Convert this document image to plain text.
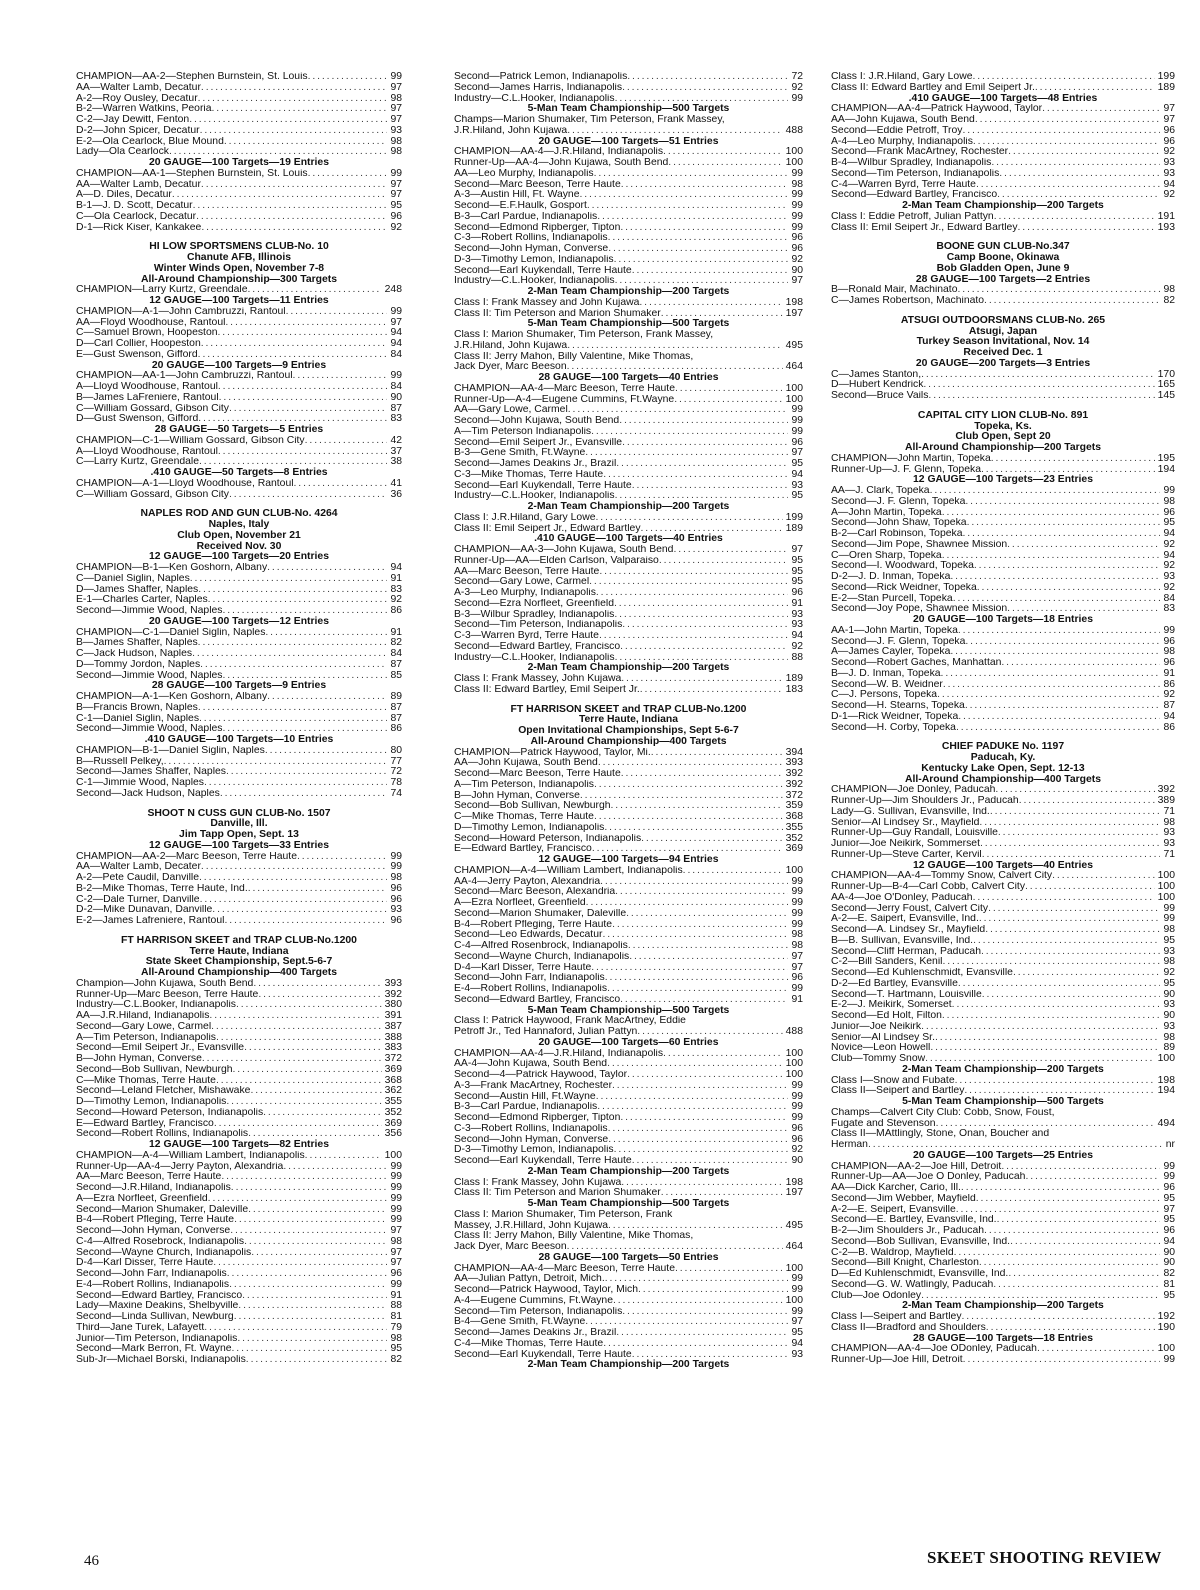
CHAMPION—AA-2—Stephen Burnstein, St. Louis . . .	99
AA—Walter Lamb, Decatur . . .	97
A-2—Roy Ousley, Decatur . . .	98
B-2—Warren Watkins, Peoria . . .	97
C-2—Jay Dewitt, Fenton . . .	97
D-2—John Spicer, Decatur . . .	93
E-2—Ola Cearlock, Blue Mound . . .	98
Lady—Ola Cearlock . . .	98
20 GAUGE—100 Targets—19 Entries
CHAMPION—AA-1—Stephen Burnstein, St. Louis . . .	99
AA—Walter Lamb, Decatur . . .	97
A—D. Diles, Decatur . . .	97
B-1—J. D. Scott, Decatur . . .	95
C—Ola Cearlock, Decatur . . .	96
D-1—Rick Kiser, Kankakee . . .	92
HI LOW SPORTSMENS CLUB-No. 10
Chanute AFB, Illinois
Winter Winds Open, November 7-8
All-Around Championship—300 Targets
CHAMPION—Larry Kurtz, Greendale . . .	248
12 GAUGE—100 Targets—11 Entries
CHAMPION—A-1—John Cambruzzi, Rantoul . . .	99
AA—Floyd Woodhouse, Rantoul . . .	97
C—Samuel Brown, Hoopeston . . .	94
D—Carl Collier, Hoopeston . . .	94
E—Gust Swenson, Gifford . . .	84
20 GAUGE—100 Targets—9 Entries
CHAMPION—AA-1—John Cambruzzi, Rantoul . . .	99
A—Lloyd Woodhouse, Rantoul . . .	84
B—James LaFreniere, Rantoul . . .	90
C—William Gossard, Gibson City . . .	87
D—Gust Swenson, Gifford . . .	83
28 GAUGE—50 Targets—5 Entries
CHAMPION—C-1—William Gossard, Gibson City . . .	42
A—Lloyd Woodhouse, Rantoul . . .	37
C—Larry Kurtz, Greendale . . .	38
.410 GAUGE—50 Targets—8 Entries
CHAMPION—A-1—Lloyd Woodhouse, Rantoul . . .	41
C—William Gossard, Gibson City . . .	36
NAPLES ROD AND GUN CLUB-No. 4264
Naples, Italy
Club Open, November 21
Received Nov. 30
12 GAUGE—100 Targets—20 Entries
CHAMPION—B-1—Ken Goshorn, Albany . . .	94
C—Daniel Siglin, Naples . . .	91
D—James Shaffer, Naples . . .	83
E-1—Charles Carter, Naples . . .	92
Second—Jimmie Wood, Naples . . .	86
20 GAUGE—100 Targets—12 Entries
CHAMPION—C-1—Daniel Siglin, Naples . . .	91
B—James Shaffer, Naples . . .	82
C—Jack Hudson, Naples . . .	84
D—Tommy Jordon, Naples . . .	87
Second—Jimmie Wood, Naples . . .	85
28 GAUGE—100 Targets—9 Entries
CHAMPION—A-1—Ken Goshorn, Albany . . .	89
B—Francis Brown, Naples . . .	87
C-1—Daniel Siglin, Naples . . .	87
Second—Jimmie Wood, Naples . . .	86
.410 GAUGE—100 Targets—10 Entries
CHAMPION—B-1—Daniel Siglin, Naples . . .	80
B—Russell Pelkey, . . .	77
Second—James Shaffer, Naples . . .	72
C-1—Jimmie Wood, Naples . . .	78
Second—Jack Hudson, Naples . . .	74
SHOOT N CUSS GUN CLUB-No. 1507
Danville, Ill.
Jim Tapp Open, Sept. 13
12 GAUGE—100 Targets—33 Entries
CHAMPION—AA-2—Marc Beeson, Terre Haute . . .	99
AA—Walter Lamb, Decater . . .	99
A-2—Pete Caudil, Danville . . .	98
B-2—Mike Thomas, Terre Haute, Ind. . . .	96
C-2—Dale Turner, Danville . . .	96
D-2—Mike Dunavan, Danville . . .	93
E-2—James Lafreniere, Rantoul . . .	96
FT HARRISON SKEET and TRAP CLUB-No.1200
Terre Haute, Indiana
State Skeet Championship, Sept.5-6-7
All-Around Championship—400 Targets
Champion—John Kujawa, South Bend . . .	393
Runner-Up—Marc Beeson, Terre Haute . . .	392
Industry—C.L.Booker, Indianapolis . . .	380
AA—J.R.Hiland, Indianapolis . . .	391
Second—Gary Lowe, Carmel . . .	387
A—Tim Peterson, Indianapolis . . .	388
Second—Emil Seipert Jr., Evansville . . .	383
B—John Hyman, Converse . . .	372
Second—Bob Sullivan, Newburgh . . .	369
C—Mike Thomas, Terre Haute . . .	368
Second—Leland Fletcher, Mishawake . . .	362
D—Timothy Lemon, Indianapolis . . .	355
Second—Howard Peterson, Indianapolis . . .	352
E—Edward Bartley, Francisco . . .	369
Second—Robert Rollins, Indianapolis . . .	356
12 GAUGE—100 Targets—82 Entries
CHAMPION—A-4—William Lambert, Indianapolis . . .	100
Runner-Up—AA-4—Jerry Payton, Alexandria . . .	99
AA—Marc Beeson, Terre Haute . . .	99
Second—J.R.Hiland, Indianapolis . . .	99
A—Ezra Norfleet, Greenfield . . .	99
Second—Marion Shumaker, Daleville . . .	99
B-4—Robert Pfleging, Terre Haute . . .	99
Second—John Hyman, Converse . . .	97
C-4—Alfred Rosebrock, Indianapolis . . .	98
Second—Wayne Church, Indianapolis . . .	97
D-4—Karl Disser, Terre Haute . . .	97
Second—John Farr, Indianapolis . . .	96
E-4—Robert Rollins, Indianapolis . . .	99
Second—Edward Bartley, Francisco . . .	91
Lady—Maxine Deakins, Shelbyville . . .	88
Second—Linda Sullivan, Newburg . . .	81
Third—Jane Turek, Lafayett . . .	79
Junior—Tim Peterson, Indianapolis . . .	98
Second—Mark Berron, Ft. Wayne . . .	95
Sub-Jr—Michael Borski, Indianapolis . . .	82
Second—Patrick Lemon, Indianapolis . . .	72
Second—James Harris, Indianapolis . . .	92
Industry—C.L.Hooker, Indianapolis . . .	99
5-Man Team Championship—500 Targets
Champs—Marion Shumaker, Tim Peterson, Frank Massey,
J.R.Hiland, John Kujawa . . .	488
20 GAUGE—100 Targets—51 Entries
CHAMPION—AA-4—J.R.Hiland, Indianapolis . . .	100
Runner-Up—AA-4—John Kujawa, South Bend . . .	100
AA—Leo Murphy, Indianapolis . . .	99
Second—Marc Beeson, Terre Haute . . .	98
A-3—Austin Hill, Ft. Wayne . . .	99
Second—E.F.Haulk, Gosport . . .	99
B-3—Carl Pardue, Indianapolis . . .	99
Second—Edmond Ripberger, Tipton . . .	99
C-3—Robert Rollins, Indianapolis . . .	96
Second—John Hyman, Converse . . .	96
D-3—Timothy Lemon, Indianapolis . . .	92
Second—Earl Kuykendall, Terre Haute . . .	90
Industry—C.L.Hooker, Indianapolis . . .	97
2-Man Team Championship—200 Targets
Class I: Frank Massey and John Kujawa . . .	198
Class II: Tim Peterson and Marion Shumaker . . .	197
5-Man Team Championship—500 Targets
Class I: Marion Shumaker, Tim Peterson, Frank Massey,
J.R.Hiland, John Kujawa . . .	495
Class II: Jerry Mahon, Billy Valentine, Mike Thomas,
Jack Dyer, Marc Beeson . . .	464
28 GAUGE—100 Targets—40 Entries
CHAMPION—AA-4—Marc Beeson, Terre Haute . . .	100
Runner-Up—A-4—Eugene Cummins, Ft.Wayne . . .	100
AA—Gary Lowe, Carmel . . .	99
Second—John Kujawa, South Bend . . .	99
A—Tim Peterson Indianapolis . . .	99
Second—Emil Seipert Jr., Evansville . . .	96
B-3—Gene Smith, Ft.Wayne . . .	97
Second—James Deakins Jr., Brazil . . .	95
C-3—Mike Thomas, Terre Haute . . .	94
Second—Earl Kuykendall, Terre Haute . . .	93
Industry—C.L.Hooker, Indianapolis . . .	95
2-Man Team Championship—200 Targets
Class I: J.R.Hiland, Gary Lowe . . .	199
Class II: Emil Seipert Jr., Edward Bartley . . .	189
.410 GAUGE—100 Targets—40 Entries
CHAMPION—AA-3—John Kujawa, South Bend . . .	97
Runner-Up—AA—Elden Carlson, Valparaiso . . .	95
AA—Marc Beeson, Terre Haute . . .	95
Second—Gary Lowe, Carmel . . .	95
A-3—Leo Murphy, Indianapolis . . .	96
Second—Ezra Norfleet, Greenfield . . .	91
B-3—Wilbur Spradley, Indianapolis . . .	93
Second—Tim Peterson, Indianapolis . . .	93
C-3—Warren Byrd, Terre Haute . . .	94
Second—Edward Bartley, Francisco . . .	92
Industry—C.L.Hooker, Indianapolis . . .	88
2-Man Team Championship—200 Targets
Class I: Frank Massey, John Kujawa . . .	189
Class II: Edward Bartley, Emil Seipert Jr. . . .	183
FT HARRISON SKEET and TRAP CLUB-No.1200
Terre Haute, Indiana
Open Invitational Championships, Sept 5-6-7
All-Around Championship—400 Targets
CHAMPION—Patrick Haywood, Taylor, Mi. . . .	394
AA—John Kujawa, South Bend . . .	393
Second—Marc Beeson, Terre Haute . . .	392
A—Tim Peterson, Indianapolis . . .	392
B—John Hyman, Converse . . .	372
Second—Bob Sullivan, Newburgh . . .	359
C—Mike Thomas, Terre Haute . . .	368
D—Timothy Lemon, Indianapolis . . .	355
Second—Howard Peterson, Indianapolis . . .	352
E—Edward Bartley, Francisco . . .	369
12 GAUGE—100 Targets—94 Entries
CHAMPION—A-4—William Lambert, Indianapolis . . .	100
AA-4—Jerry Payton, Alexandria . . .	99
Second—Marc Beeson, Alexandria . . .	99
A—Ezra Norfleet, Greenfield . . .	99
Second—Marion Shumaker, Daleville . . .	99
B-4—Robert Pfleging, Terre Haute . . .	99
Second—Leo Edwards, Decatur . . .	98
C-4—Alfred Rosenbrock, Indianapolis . . .	98
Second—Wayne Church, Indianapolis . . .	97
D-4—Karl Disser, Terre Haute . . .	97
Second—John Farr, Indianapolis . . .	96
E-4—Robert Rollins, Indianapolis . . .	99
Second—Edward Bartley, Francisco . . .	91
5-Man Team Championship—500 Targets
Class I: Patrick Haywood, Frank MacArtney, Eddie
Petroff Jr., Ted Hannaford, Julian Pattyn . . .	488
20 GAUGE—100 Targets—60 Entries
CHAMPION—AA-4—J.R.Hiland, Indianapolis . . .	100
AA-4—John Kujawa, South Bend . . .	100
Second—4—Patrick Haywood, Taylor . . .	100
A-3—Frank MacArtney, Rochester . . .	99
Second—Austin Hill, Ft.Wayne . . .	99
B-3—Carl Pardue, Indianapolis . . .	99
Second—Edmond Ripberger, Tipton . . .	99
C-3—Robert Rollins, Indianapolis . . .	96
Second—John Hyman, Converse . . .	96
D-3—Timothy Lemon, Indianapolis . . .	92
Second—Earl Kuykendall, Terre Haute . . .	90
2-Man Team Championship—200 Targets
Class I: Frank Massey, John Kujawa . . .	198
Class II: Tim Peterson and Marion Shumaker . . .	197
5-Man Team Championship—500 Targets
Class I: Marion Shumaker, Tim Peterson, Frank
Massey, J.R.Hillard, John Kujawa . . .	495
Class II: Jerry Mahon, Billy Valentine, Mike Thomas,
Jack Dyer, Marc Beeson . . .	464
28 GAUGE—100 Targets—50 Entries
CHAMPION—AA-4—Marc Beeson, Terre Haute . . .	100
AA—Julian Pattyn, Detroit, Mich. . . .	99
Second—Patrick Haywood, Taylor, Mich . . .	99
A-4—Eugene Cummins, Ft.Wayne . . .	100
Second—Tim Peterson, Indianapolis . . .	99
B-4—Gene Smith, Ft.Wayne . . .	97
Second—James Deakins Jr., Brazil . . .	95
C-4—Mike Thomas, Terre Haute . . .	94
Second—Earl Kuykendall, Terre Haute . . .	93
2-Man Team Championship—200 Targets
Class I: J.R.Hiland, Gary Lowe . . .	199
Class II: Edward Bartley and Emil Seipert Jr. . . .	189
.410 GAUGE—100 Targets—48 Entries
CHAMPION—AA-4—Patrick Haywood, Taylor . . .	97
AA—John Kujawa, South Bend . . .	97
Second—Eddie Petroff, Troy . . .	96
A-4—Leo Murphy, Indianapolis . . .	96
Second—Frank MacArtney, Rochester . . .	92
B-4—Wilbur Spradley, Indianapolis . . .	93
Second—Tim Peterson, Indianapolis . . .	93
C-4—Warren Byrd, Terre Haute . . .	94
Second—Edward Bartley, Francisco . . .	92
2-Man Team Championship—200 Targets
Class I: Eddie Petroff, Julian Pattyn . . .	191
Class II: Emil Seipert Jr., Edward Bartley . . .	193
BOONE GUN CLUB-No.347
Camp Boone, Okinawa
Bob Gladden Open, June 9
28 GAUGE—100 Targets—2 Entries
B—Ronald Mair, Machinato . . .	98
C—James Robertson, Machinato . . .	82
ATSUGI OUTDOORSMANS CLUB-No. 265
Atsugi, Japan
Turkey Season Invitational, Nov. 14
Received Dec. 1
20 GAUGE—200 Targets—3 Entries
C—James Stanton, . . .	170
D—Hubert Kendrick . . .	165
Second—Bruce Vails . . .	145
CAPITAL CITY LION CLUB-No. 891
Topeka, Ks.
Club Open, Sept 20
All-Around Championship—200 Targets
CHAMPION—John Martin, Topeka . . .	195
Runner-Up—J. F. Glenn, Topeka . . .	194
12 GAUGE—100 Targets—23 Entries
AA—J. Clark, Topeka . . .	99
Second—J. F. Glenn, Topeka . . .	98
A—John Martin, Topeka . . .	96
Second—John Shaw, Topeka . . .	95
B-2—Carl Robinson, Topeka . . .	94
Second—Jim Pope, Shawnee Mission . . .	92
C—Oren Sharp, Topeka . . .	94
Second—I. Woodward, Topeka . . .	92
D-2—J. D. Inman, Topeka . . .	93
Second—Rick Weidner, Topeka . . .	92
E-2—Stan Purcell, Topeka . . .	84
Second—Joy Pope, Shawnee Mission . . .	83
20 GAUGE—100 Targets—18 Entries
AA-1—John Martin, Topeka . . .	99
Second—J. F. Glenn, Topeka . . .	96
A—James Cayler, Topeka . . .	98
Second—Robert Gaches, Manhattan . . .	96
B—J. D. Inman, Topeka . . .	91
Second—W. B. Weidner . . .	86
C—J. Persons, Topeka . . .	92
Second—H. Stearns, Topeka . . .	87
D-1—Rick Weidner, Topeka . . .	94
Second—H. Corby, Topeka . . .	86
CHIEF PADUKE No. 1197
Paducah, Ky.
Kentucky Lake Open, Sept. 12-13
All-Around Championship—400 Targets
CHAMPION—Joe Donley, Paducah . . .	392
Runner-Up—Jim Shoulders Jr., Paducah . . .	389
Lady—G. Sullivan, Evansville, Ind. . . .	71
Senior—Al Lindsey Sr., Mayfield . . .	98
Runner-Up—Guy Randall, Louisville . . .	93
Junior—Joe Neikirk, Sommerset . . .	93
Runner-Up—Steve Carter, Kervil . . .	71
12 GAUGE—100 Targets—40 Entries
CHAMPION—AA-4—Tommy Snow, Calvert City . . .	100
Runner-Up—B-4—Carl Cobb, Calvert City . . .	100
AA-4—Joe O'Donley, Paducah . . .	100
Second—Jerry Foust, Calvert City . . .	99
A-2—E. Saipert, Evansville, Ind. . . .	99
Second—A. Lindsey Sr., Mayfield . . .	98
B—B. Sullivan, Evansville, Ind. . . .	95
Second—Cliff Herman, Paducah . . .	93
C-2—Bill Sanders, Kenil . . .	98
Second—Ed Kuhlenschmidt, Evansville . . .	92
D-2—Ed Bartley, Evansville . . .	95
Second—T. Hartmann, Louisville . . .	90
E-2—J. Meikirk, Somerset . . .	93
Second—Ed Holt, Filton . . .	90
Junior—Joe Neikirk . . .	93
Senior—Al Lindsey Sr. . . .	98
Novice—Leon Howell . . .	89
Club—Tommy Snow . . .	100
2-Man Team Championship—200 Targets
Class I—Snow and Fubate . . .	198
Class II—Seipert and Bartley . . .	194
5-Man Team Championship—500 Targets
Champs—Calvert City Club: Cobb, Snow, Foust,
Fugate and Stevenson . . .	494
Class II—MAttlingly, Stone, Onan, Boucher and
Herman . . .	nr
20 GAUGE—100 Targets—25 Entries
CHAMPION—AA-2—Joe Hill, Detroit . . .	99
Runner-Up—AA—Joe O Donley, Paducah . . .	99
AA—Dick Karcher, Cario, Ill. . . .	96
Second—Jim Webber, Mayfield . . .	95
A-2—E. Seipert, Evansville . . .	97
Second—E. Bartley, Evansville, Ind. . . .	95
B-2—Jim Shoulders Jr., Paducah . . .	96
Second—Bob Sullivan, Evansville, Ind. . . .	94
C-2—B. Waldrop, Mayfield . . .	90
Second—Bill Knight, Charleston . . .	90
D—Ed Kuhlenschmidt, Evansville, Ind. . . .	82
Second—G. W. Watlingly, Paducah . . .	81
Club—Joe Odonley . . .	95
2-Man Team Championship—200 Targets
Class I—Seipert and Bartley . . .	192
Class II—Bradford and Shoulders . . .	190
28 GAUGE—100 Targets—18 Entries
CHAMPION—AA-4—Joe ODonley, Paducah . . .	100
Runner-Up—Joe Hill, Detroit . . .	99
46	SKEET SHOOTING REVIEW
